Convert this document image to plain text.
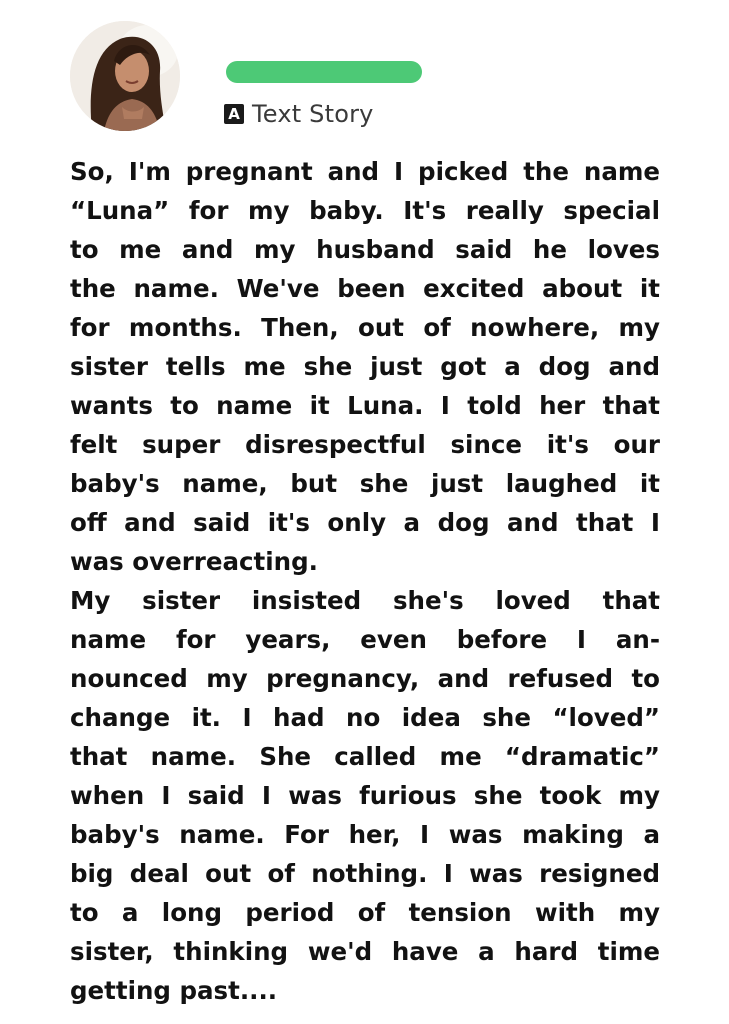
A Text Story
So, I'm pregnant and I picked the name
“Luna” for my baby. It's really special
to me and my husband said he loves
the name. We've been excited about it
for months. Then, out of nowhere, my
sister tells me she just got a dog and
wants to name it Luna. I told her that
felt super disrespectful since it's our
baby's name, but she just laughed it
off and said it's only a dog and that I
was overreacting.
My sister insisted she's loved that
name for years, even before I an-
nounced my pregnancy, and refused to
change it. I had no idea she “loved”
that name. She called me “dramatic”
when I said I was furious she took my
baby's name. For her, I was making a
big deal out of nothing. I was resigned
to a long period of tension with my
sister, thinking we'd have a hard time
getting past....
